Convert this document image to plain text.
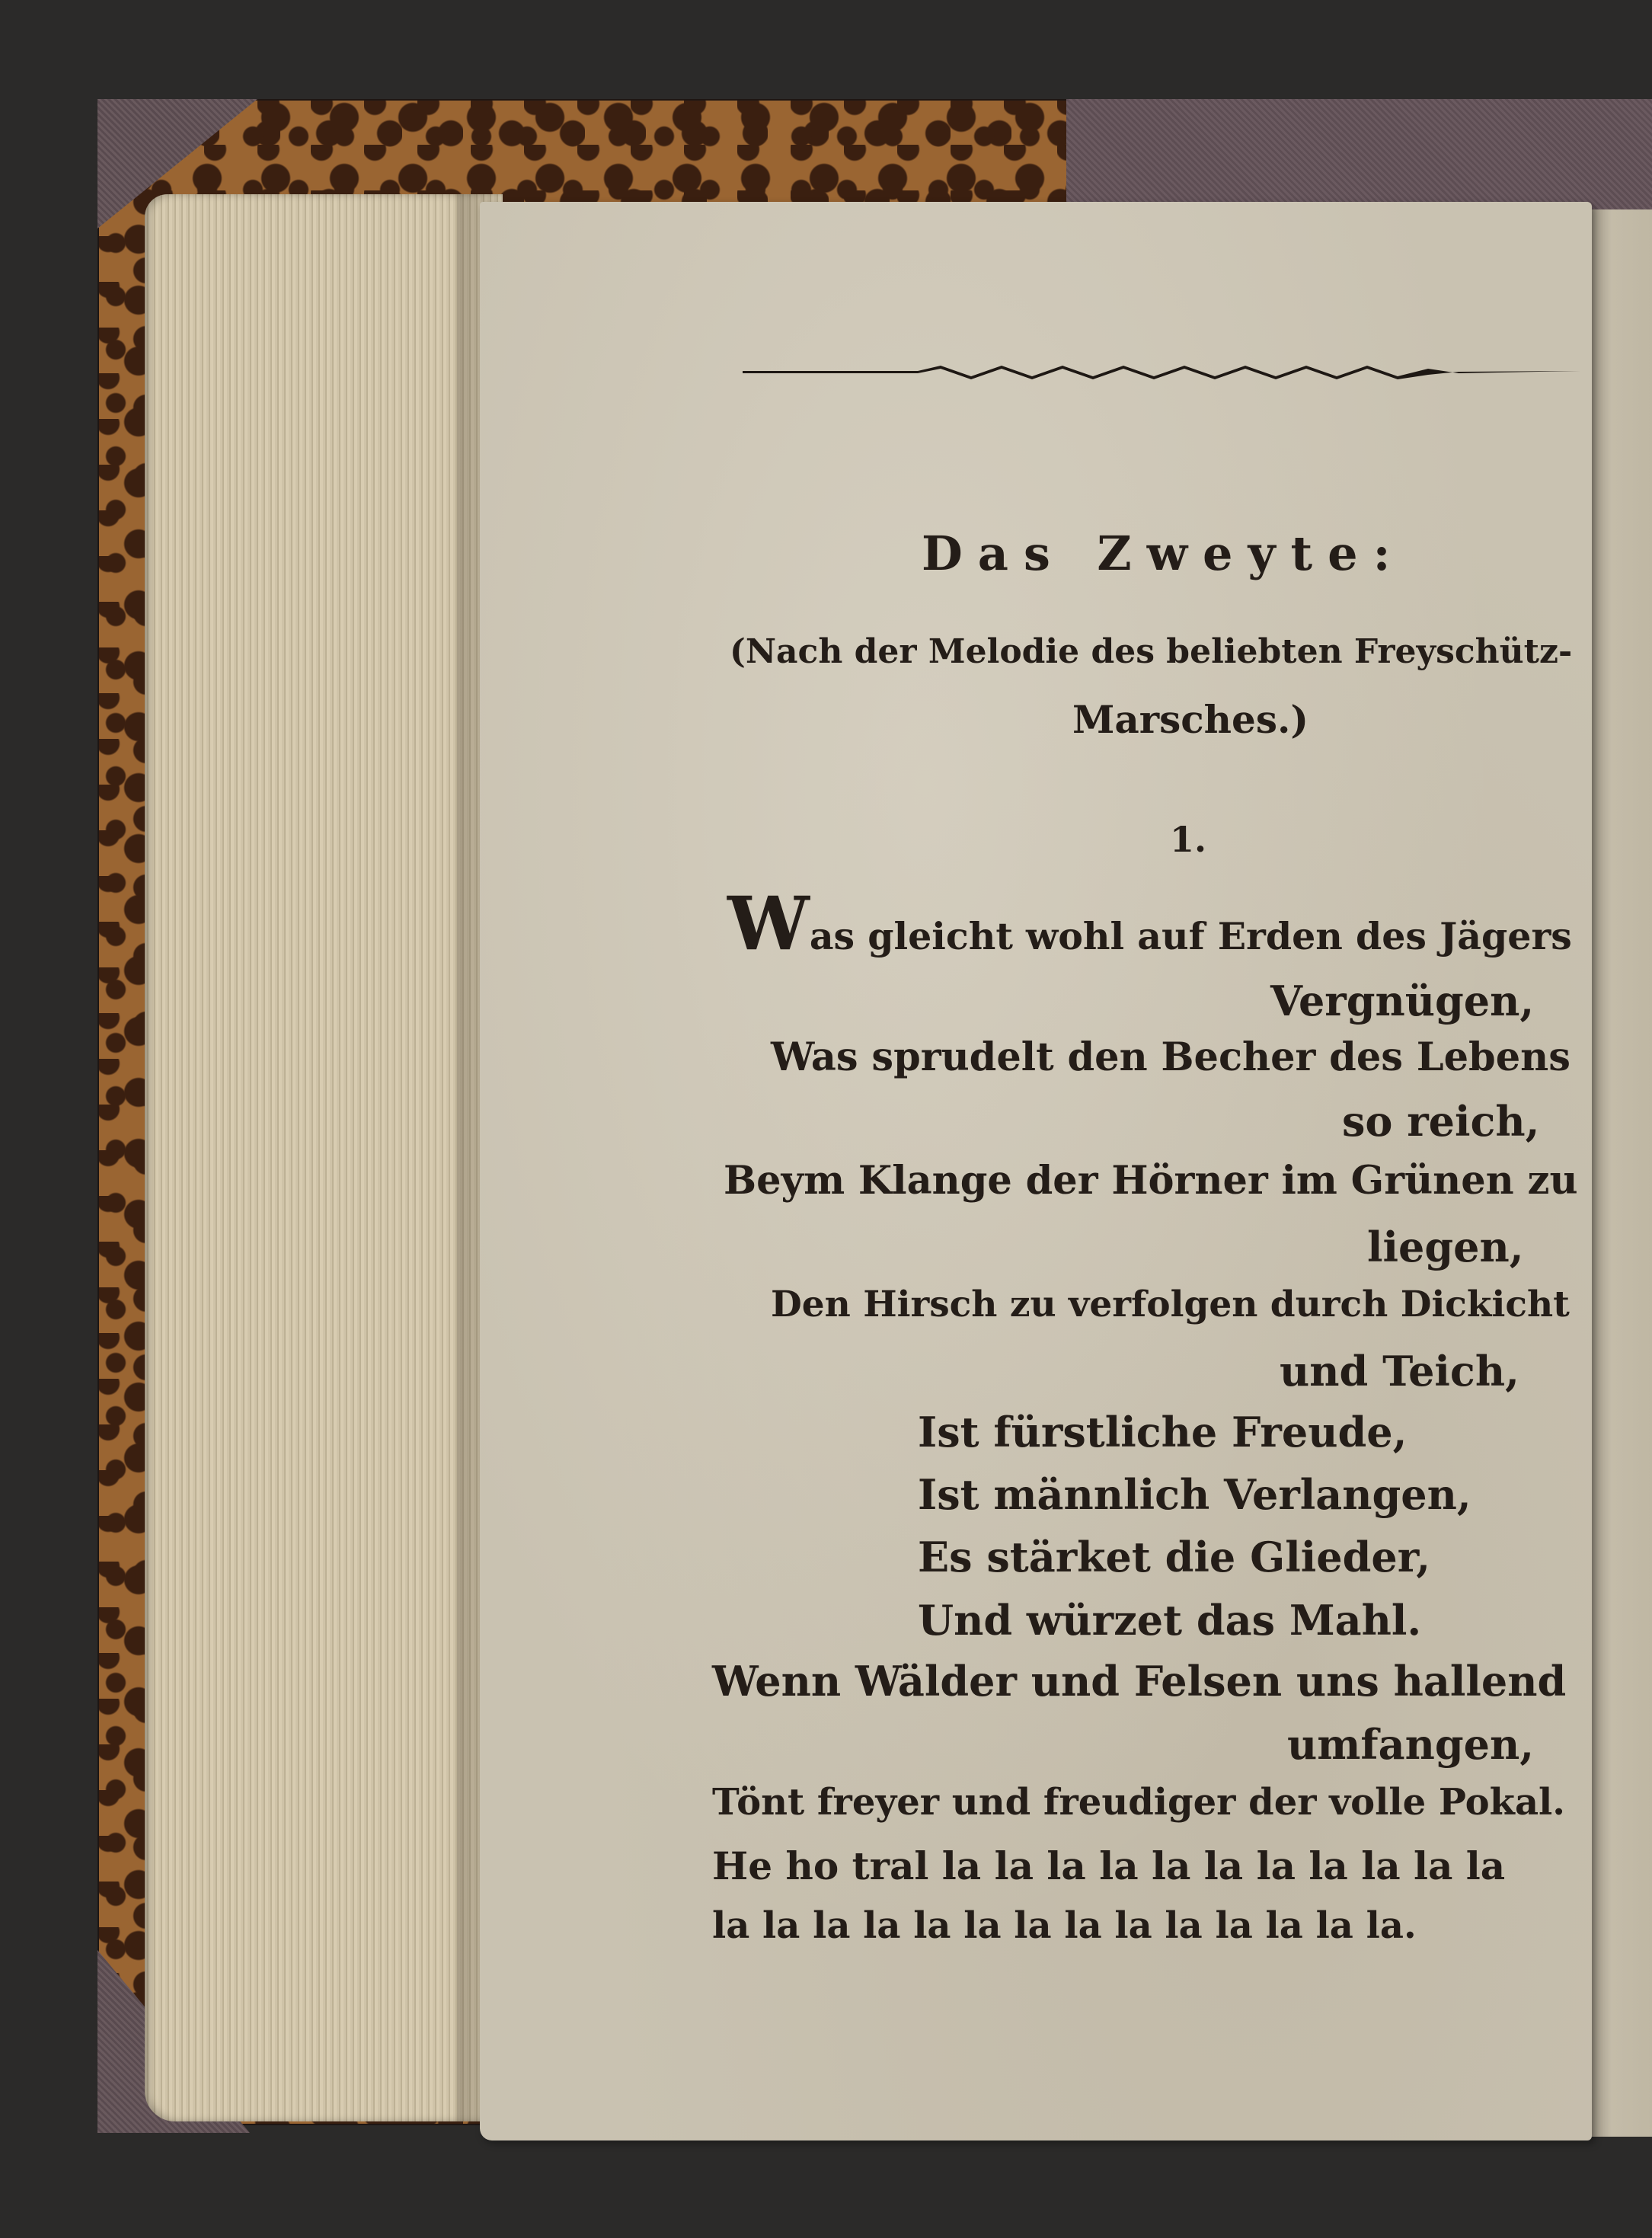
Das Zweyte:
(Nach der Melodie des beliebten Freyschütz-
Marsches.)
1.
Was gleicht wohl auf Erden des Jägers
Vergnügen,
Was sprudelt den Becher des Lebens
so reich,
Beym Klange der Hörner im Grünen zu
liegen,
Den Hirsch zu verfolgen durch Dickicht
und Teich,
Ist fürstliche Freude,
Ist männlich Verlangen,
Es stärket die Glieder,
Und würzet das Mahl.
Wenn Wälder und Felsen uns hallend
umfangen,
Tönt freyer und freudiger der volle Pokal.
He ho tral la la la la la la la la la la la
la la la la la la la la la la la la la la.
